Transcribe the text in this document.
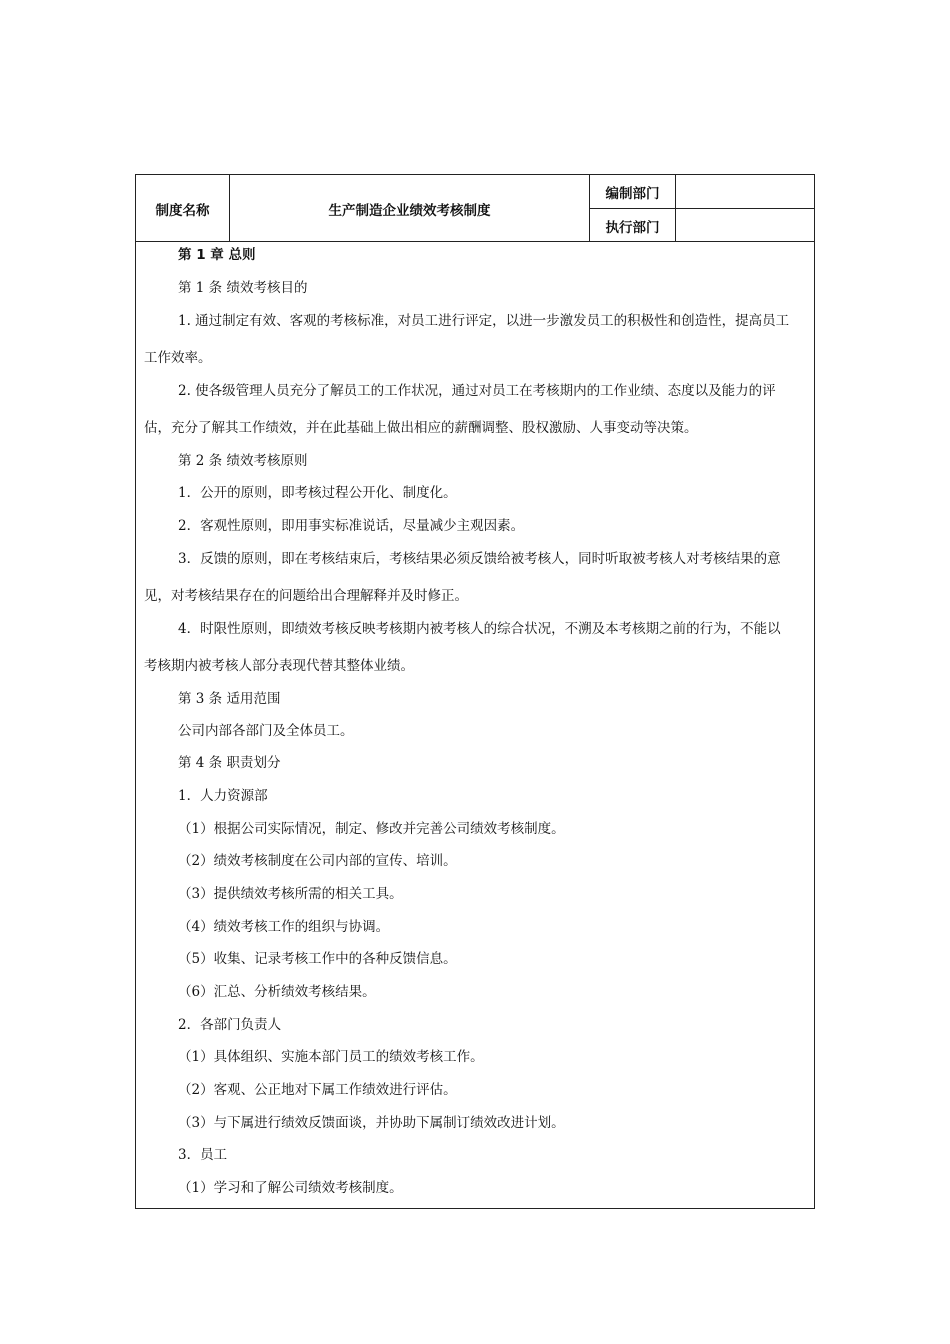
制度名称	生产制造企业绩效考核制度
编制部门
执行部门
第 1 章 总则
第 1 条 绩效考核目的
1. 通过制定有效、客观的考核标准，对员工进行评定，以进一步激发员工的积极性和创造性，提高员工
工作效率。
2. 使各级管理人员充分了解员工的工作状况，通过对员工在考核期内的工作业绩、态度以及能力的评
估，充分了解其工作绩效，并在此基础上做出相应的薪酬调整、股权激励、人事变动等决策。
第 2 条 绩效考核原则
1．公开的原则，即考核过程公开化、制度化。
2．客观性原则，即用事实标准说话，尽量减少主观因素。
3．反馈的原则，即在考核结束后，考核结果必须反馈给被考核人，同时听取被考核人对考核结果的意
见，对考核结果存在的问题给出合理解释并及时修正。
4．时限性原则，即绩效考核反映考核期内被考核人的综合状况，不溯及本考核期之前的行为，不能以
考核期内被考核人部分表现代替其整体业绩。
第 3 条 适用范围
公司内部各部门及全体员工。
第 4 条 职责划分
1．人力资源部
（1）根据公司实际情况，制定、修改并完善公司绩效考核制度。
（2）绩效考核制度在公司内部的宣传、培训。
（3）提供绩效考核所需的相关工具。
（4）绩效考核工作的组织与协调。
（5）收集、记录考核工作中的各种反馈信息。
（6）汇总、分析绩效考核结果。
2．各部门负责人
（1）具体组织、实施本部门员工的绩效考核工作。
（2）客观、公正地对下属工作绩效进行评估。
（3）与下属进行绩效反馈面谈，并协助下属制订绩效改进计划。
3．员工
（1）学习和了解公司绩效考核制度。
